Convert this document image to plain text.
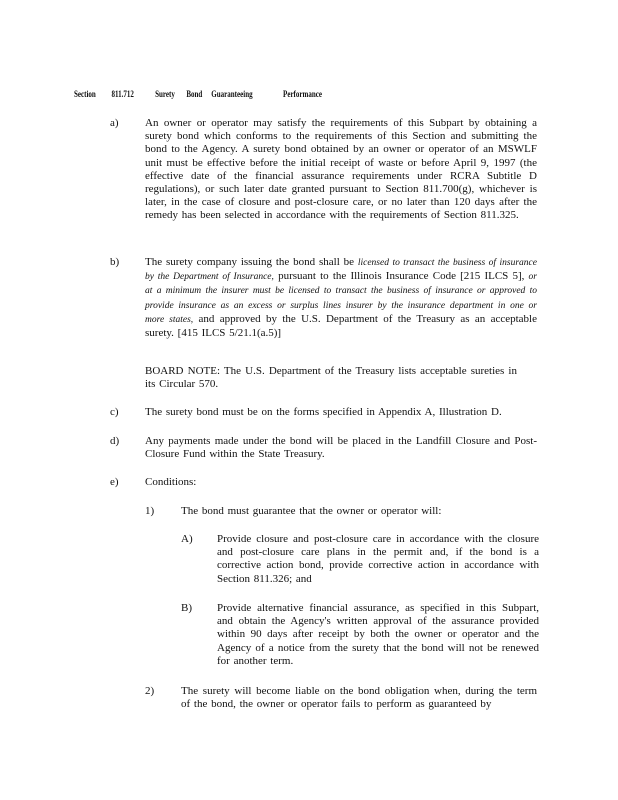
Section 811.712 Surety Bond Guaranteeing	Performance
a) An owner or operator may satisfy the requirements of this Subpart by obtaining a surety bond which conforms to the requirements of this Section and submitting the bond to the Agency. A surety bond obtained by an owner or operator of an MSWLF unit must be effective before the initial receipt of waste or before April 9, 1997 (the effective date of the financial assurance requirements under RCRA Subtitle D regulations), or such later date granted pursuant to Section 811.700(g), whichever is later, in the case of closure and post-closure care, or no later than 120 days after the remedy has been selected in accordance with the requirements of Section 811.325.
b) The surety company issuing the bond shall be licensed to transact the business of insurance by the Department of Insurance, pursuant to the Illinois Insurance Code [215 ILCS 5], or at a minimum the insurer must be licensed to transact the business of insurance or approved to provide insurance as an excess or surplus lines insurer by the insurance department in one or more states, and approved by the U.S. Department of the Treasury as an acceptable surety. [415 ILCS 5/21.1(a.5)]

BOARD NOTE: The U.S. Department of the Treasury lists acceptable sureties in its Circular 570.
c) The surety bond must be on the forms specified in Appendix A, Illustration D.
d) Any payments made under the bond will be placed in the Landfill Closure and Post-Closure Fund within the State Treasury.
e) Conditions:
1) The bond must guarantee that the owner or operator will:
A) Provide closure and post-closure care in accordance with the closure and post-closure care plans in the permit and, if the bond is a corrective action bond, provide corrective action in accordance with Section 811.326; and
B) Provide alternative financial assurance, as specified in this Subpart, and obtain the Agency's written approval of the assurance provided within 90 days after receipt by both the owner or operator and the Agency of a notice from the surety that the bond will not be renewed for another term.
2) The surety will become liable on the bond obligation when, during the term of the bond, the owner or operator fails to perform as guaranteed by
